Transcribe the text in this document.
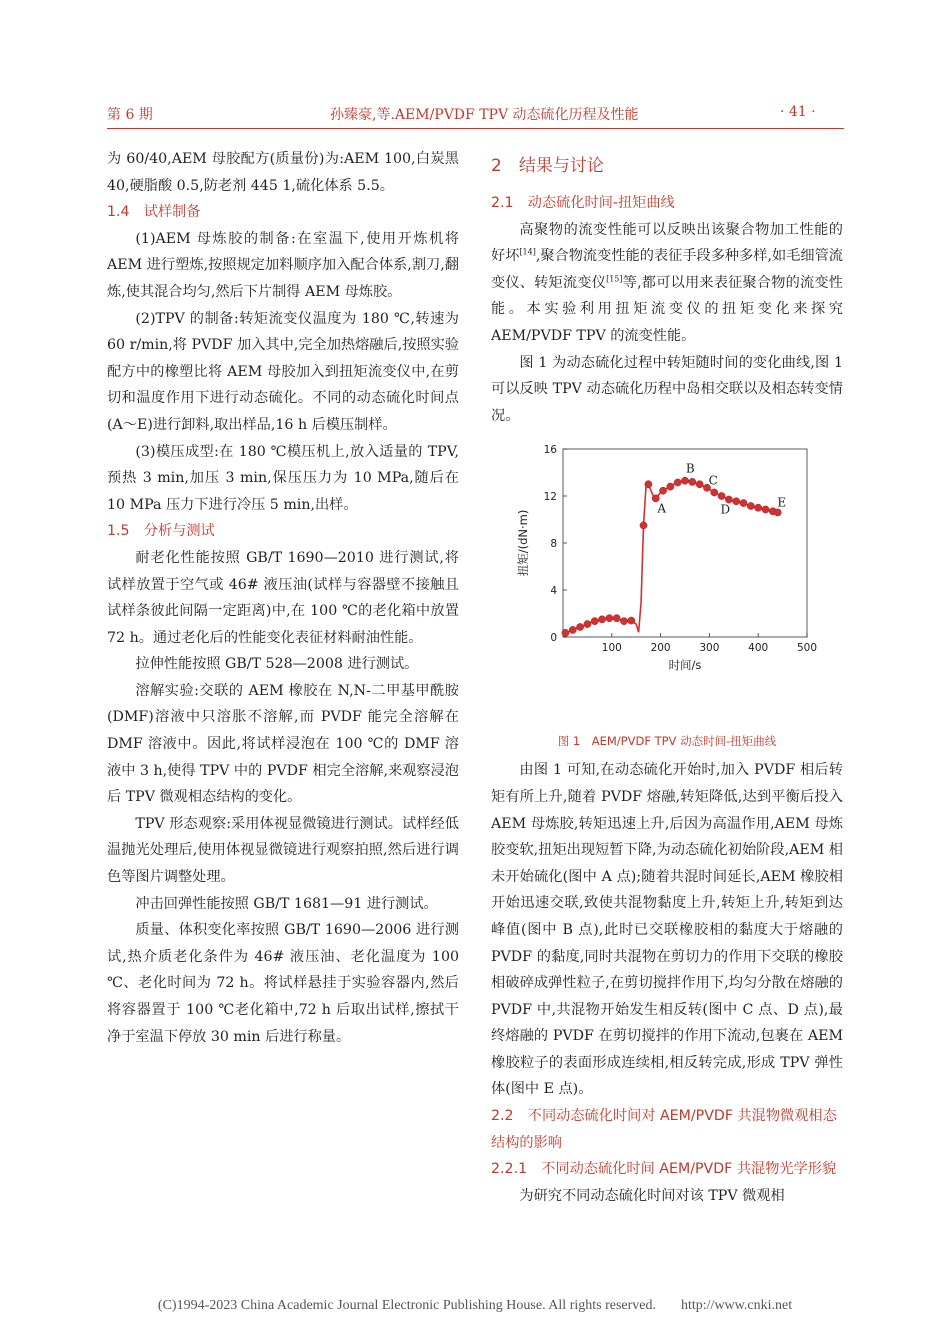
第 6 期	孙臻豪,等.AEM/PVDF TPV 动态硫化历程及性能	· 41 ·

为 60/40,AEM 母胶配方(质量份)为:AEM 100,白炭黑 40,硬脂酸 0.5,防老剂 445 1,硫化体系 5.5。

1.4　试样制备

(1)AEM 母炼胶的制备:在室温下,使用开炼机将 AEM 进行塑炼,按照规定加料顺序加入配合体系,割刀,翻炼,使其混合均匀,然后下片制得 AEM 母炼胶。

(2)TPV 的制备:转矩流变仪温度为 180 ℃,转速为 60 r/min,将 PVDF 加入其中,完全加热熔融后,按照实验配方中的橡塑比将 AEM 母胶加入到扭矩流变仪中,在剪切和温度作用下进行动态硫化。不同的动态硫化时间点(A～E)进行卸料,取出样品,16 h 后模压制样。

(3)模压成型:在 180 ℃模压机上,放入适量的 TPV,预热 3 min,加压 3 min,保压压力为 10 MPa,随后在 10 MPa 压力下进行冷压 5 min,出样。

1.5　分析与测试

耐老化性能按照 GB/T 1690—2010 进行测试,将试样放置于空气或 46# 液压油(试样与容器壁不接触且试样条彼此间隔一定距离)中,在 100 ℃的老化箱中放置 72 h。通过老化后的性能变化表征材料耐油性能。

拉伸性能按照 GB/T 528—2008 进行测试。

溶解实验:交联的 AEM 橡胶在 N,N-二甲基甲酰胺(DMF)溶液中只溶胀不溶解,而 PVDF 能完全溶解在 DMF 溶液中。因此,将试样浸泡在 100 ℃的 DMF 溶液中 3 h,使得 TPV 中的 PVDF 相完全溶解,来观察浸泡后 TPV 微观相态结构的变化。

TPV 形态观察:采用体视显微镜进行测试。试样经低温抛光处理后,使用体视显微镜进行观察拍照,然后进行调色等图片调整处理。

冲击回弹性能按照 GB/T 1681—91 进行测试。

质量、体积变化率按照 GB/T 1690—2006 进行测试,热介质老化条件为 46# 液压油、老化温度为 100 ℃、老化时间为 72 h。将试样悬挂于实验容器内,然后将容器置于 100 ℃老化箱中,72 h 后取出试样,擦拭干净于室温下停放 30 min 后进行称量。

2　结果与讨论
2.1　动态硫化时间-扭矩曲线

高聚物的流变性能可以反映出该聚合物加工性能的好坏[14],聚合物流变性能的表征手段多种多样,如毛细管流变仪、转矩流变仪[15]等,都可以用来表征聚合物的流变性能。本实验利用扭矩流变仪的扭矩变化来探究 AEM/PVDF TPV 的流变性能。

图 1 为动态硫化过程中转矩随时间的变化曲线,图 1 可以反映 TPV 动态硫化历程中岛相交联以及相态转变情况。

100	200	300	400	500
0
4
8
12
16
时间/s
扭矩/(dN·m)
A
B
C
D
E
图 1　AEM/PVDF TPV 动态时间-扭矩曲线

由图 1 可知,在动态硫化开始时,加入 PVDF 相后转矩有所上升,随着 PVDF 熔融,转矩降低,达到平衡后投入 AEM 母炼胶,转矩迅速上升,后因为高温作用,AEM 母炼胶变软,扭矩出现短暂下降,为动态硫化初始阶段,AEM 相未开始硫化(图中 A 点);随着共混时间延长,AEM 橡胶相开始迅速交联,致使共混物黏度上升,转矩上升,转矩到达峰值(图中 B 点),此时已交联橡胶相的黏度大于熔融的 PVDF 的黏度,同时共混物在剪切力的作用下交联的橡胶相破碎成弹性粒子,在剪切搅拌作用下,均匀分散在熔融的 PVDF 中,共混物开始发生相反转(图中 C 点、D 点),最终熔融的 PVDF 在剪切搅拌的作用下流动,包裹在 AEM 橡胶粒子的表面形成连续相,相反转完成,形成 TPV 弹性体(图中 E 点)。

2.2　不同动态硫化时间对 AEM/PVDF 共混物微观相态结构的影响
2.2.1　不同动态硫化时间 AEM/PVDF 共混物光学形貌

为研究不同动态硫化时间对该 TPV 微观相

(C)1994-2023 China Academic Journal Electronic Publishing House. All rights reserved. http://www.cnki.net
